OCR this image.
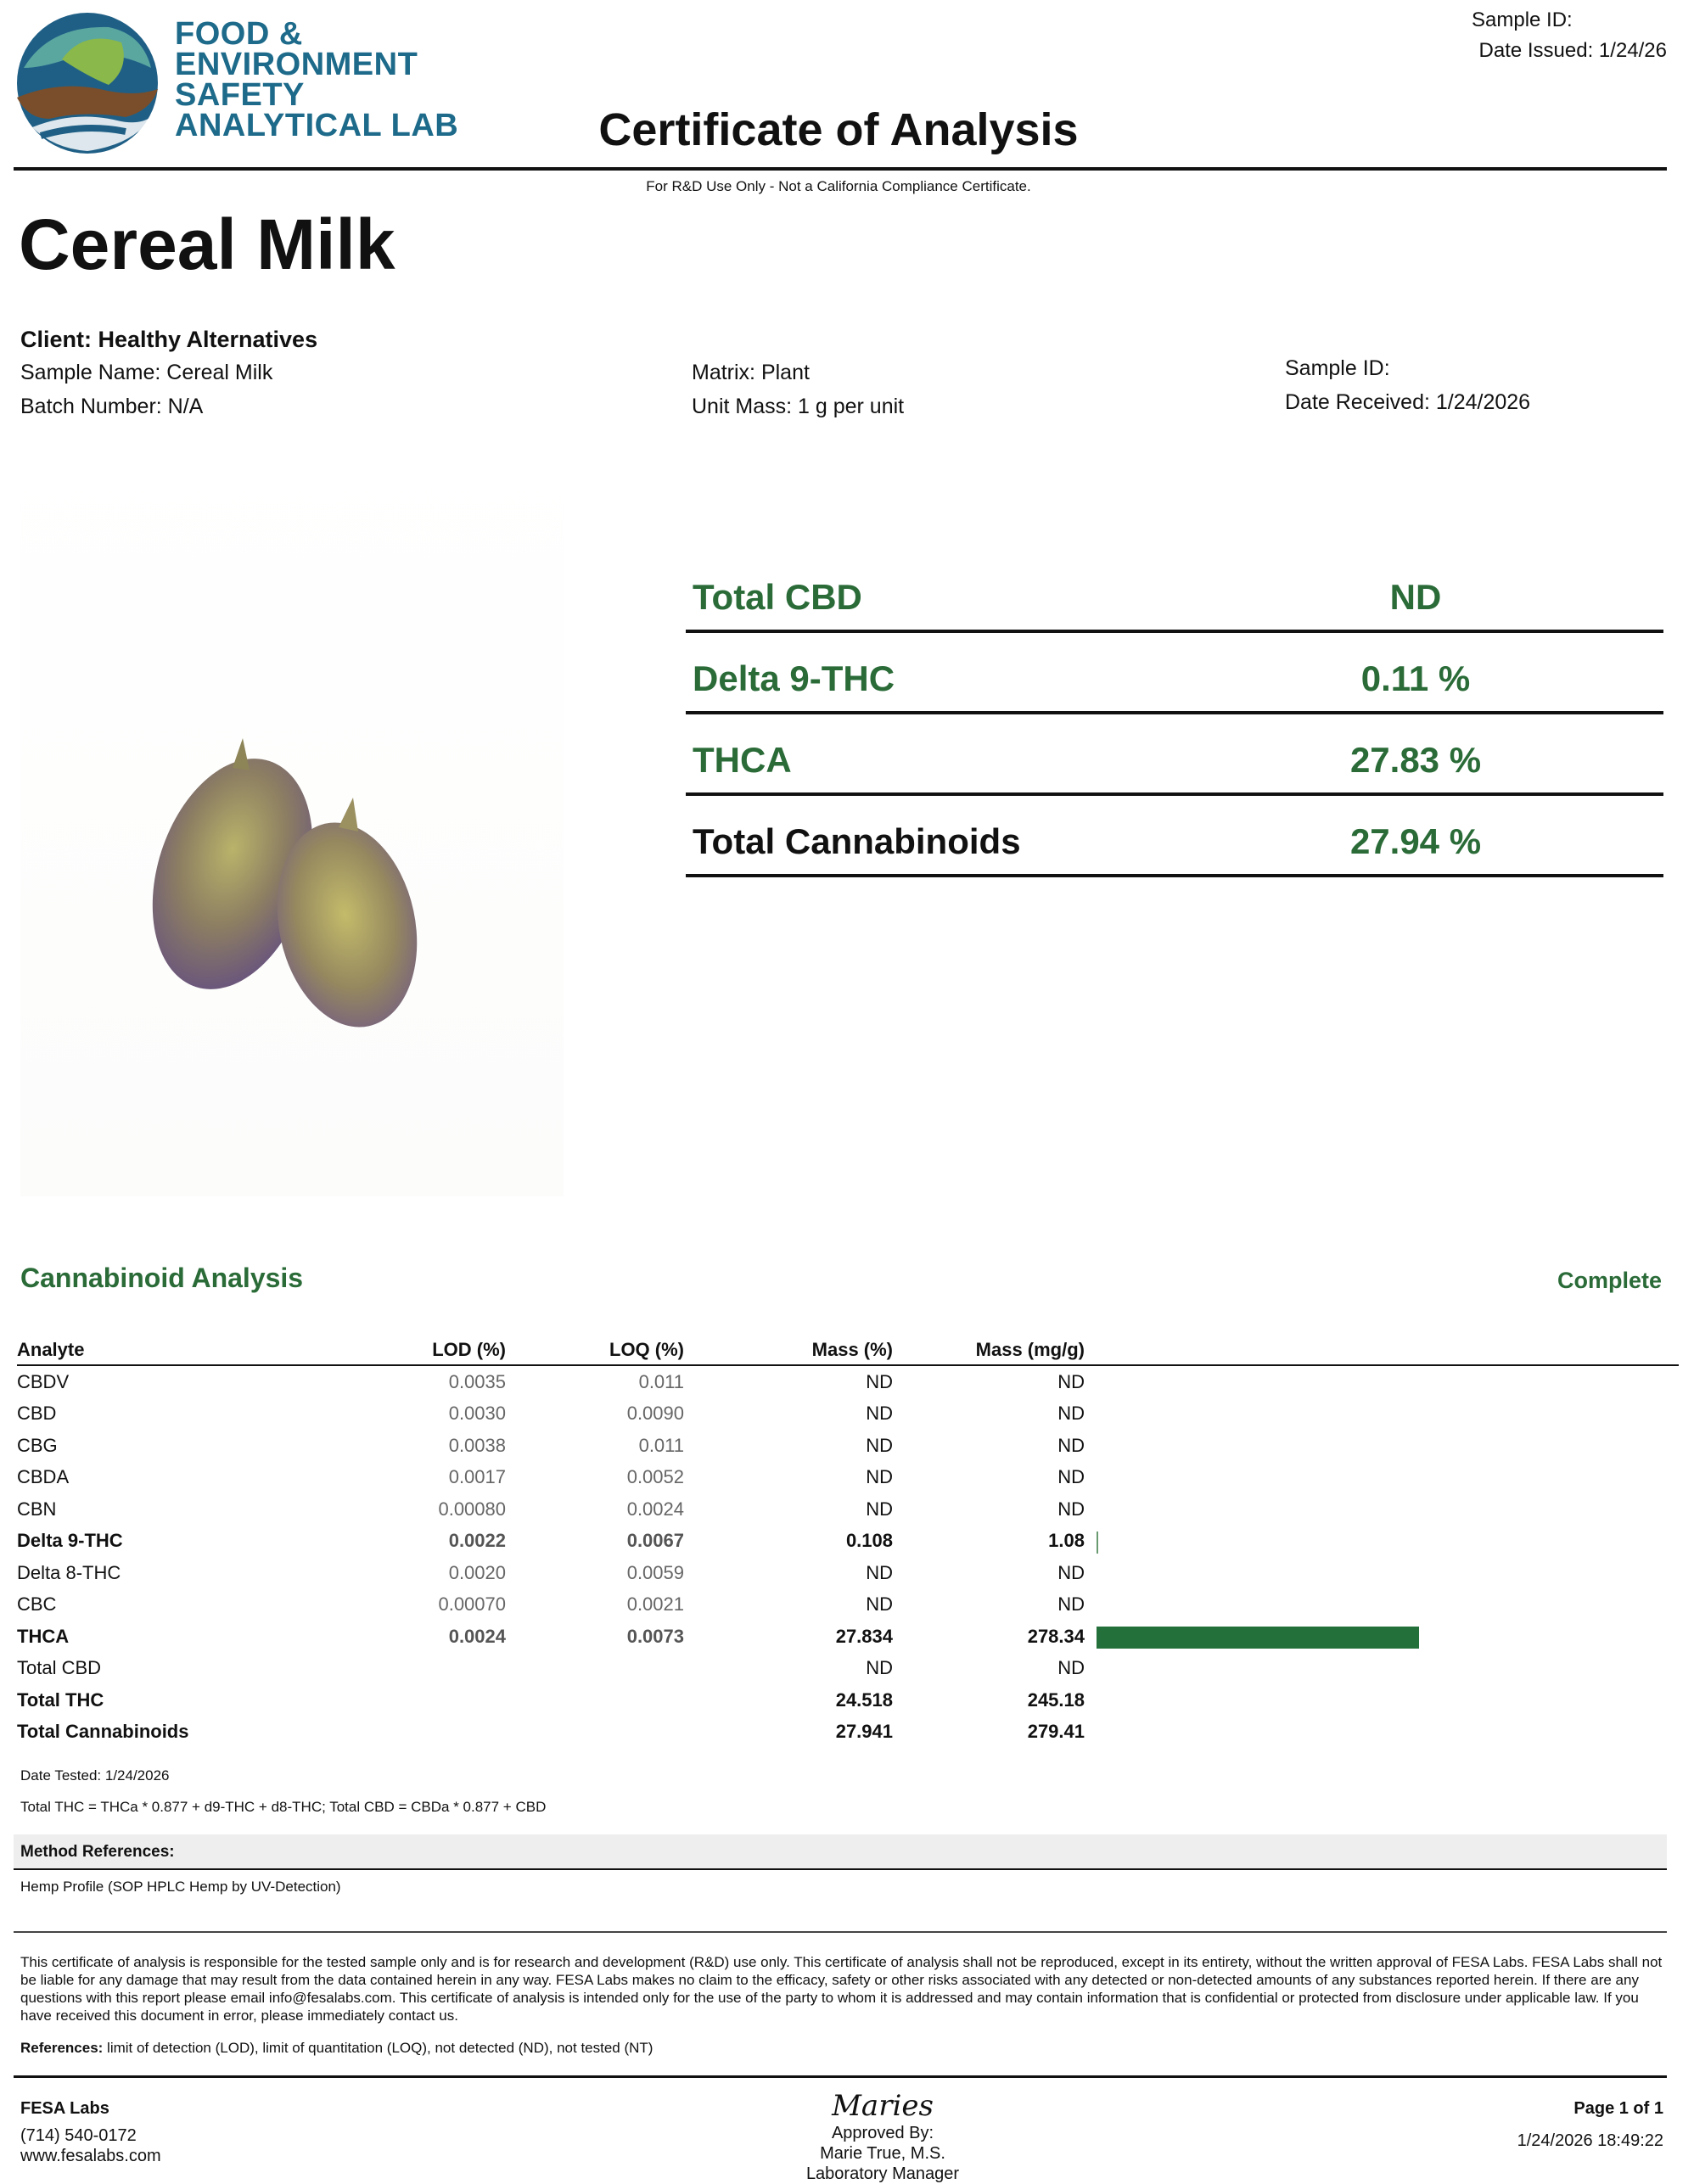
FOOD &
ENVIRONMENT
SAFETY
ANALYTICAL LAB
Sample ID:
Date Issued: 1/24/26
Certificate of Analysis
For R&D Use Only - Not a California Compliance Certificate.
Cereal Milk
Client: Healthy Alternatives
Sample Name: Cereal Milk
Batch Number: N/A
Matrix: Plant
Unit Mass: 1 g per unit
Sample ID:
Date Received: 1/24/2026
Total CBD	ND
Delta 9-THC	0.11 %
THCA	27.83 %
Total Cannabinoids	27.94 %
Cannabinoid Analysis	Complete
Analyte	LOD (%)	LOQ (%)	Mass (%)	Mass (mg/g)	
CBDV	0.0035	0.011	ND	ND	
CBD	0.0030	0.0090	ND	ND	
CBG	0.0038	0.011	ND	ND	
CBDA	0.0017	0.0052	ND	ND	
CBN	0.00080	0.0024	ND	ND	
Delta 9-THC	0.0022	0.0067	0.108	1.08	

Delta 8-THC	0.0020	0.0059	ND	ND	
CBC	0.00070	0.0021	ND	ND	
THCA	0.0024	0.0073	27.834	278.34	

Total CBD			ND	ND	
Total THC			24.518	245.18	
Total Cannabinoids			27.941	279.41	
Date Tested: 1/24/2026
Total THC = THCa * 0.877 + d9-THC + d8-THC; Total CBD = CBDa * 0.877 + CBD
Method References:
Hemp Profile (SOP HPLC Hemp by UV-Detection)
This certificate of analysis is responsible for the tested sample only and is for research and development (R&D) use only. This certificate of analysis shall not be reproduced, except in its entirety, without the written approval of FESA Labs. FESA Labs shall not be liable for any damage that may result from the data contained herein in any way. FESA Labs makes no claim to the efficacy, safety or other risks associated with any detected or non-detected amounts of any substances reported herein. If there are any questions with this report please email info@fesalabs.com. This certificate of analysis is intended only for the use of the party to whom it is addressed and may contain information that is confidential or protected from disclosure under applicable law. If you have received this document in error, please immediately contact us.
References: limit of detection (LOD), limit of quantitation (LOQ), not detected (ND), not tested (NT)
FESA Labs
(714) 540-0172
www.fesalabs.com
Maries
Approved By:
Marie True, M.S.
Laboratory Manager
Page 1 of 1
1/24/2026 18:49:22
